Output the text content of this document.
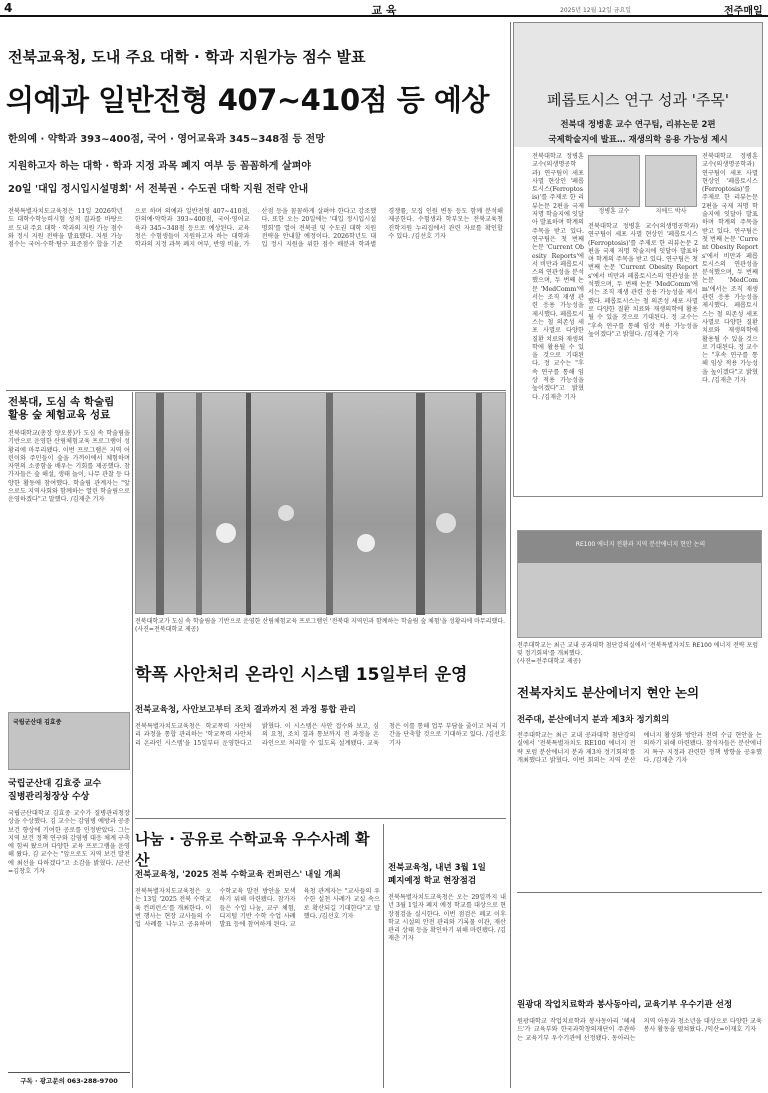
4	교 육	2025년 12월 12일 금요일	전주매일
전북교육청, 도내 주요 대학 · 학과 지원가능 점수 발표
의예과 일반전형 407~410점 등 예상
한의예 · 약학과 393~400점, 국어 · 영어교육과 345~348점 등 전망
지원하고자 하는 대학 · 학과 지정 과목 폐지 여부 등 꼼꼼하게 살펴야
20일 '대입 정시입시설명회' 서 전북권 · 수도권 대학 지원 전략 안내
전북특별자치도교육청은 11일 2026학년도 대학수학능력시험 성적 결과를 바탕으로 도내 주요 대학 · 학과의 지원 가능 점수와 정시 지원 전략을 발표했다. 지원 가능 점수는 국어·수학·탐구 표준점수 합을 기준으로 하며 의예과 일반전형 407~410점, 한의예·약학과 393~400점, 국어·영어교육과 345~348점 등으로 예상된다. 교육청은 수험생들이 지원하고자 하는 대학과 학과의 지정 과목 폐지 여부, 반영 비율, 가산점 등을 꼼꼼하게 살펴야 한다고 강조했다. 또한 오는 20일에는 '대입 정시입시설명회'를 열어 전북권 및 수도권 대학 지원 전략을 안내할 예정이다. 2026학년도 대입 정시 지원을 위한 점수 배분과 학과별 경쟁률, 모집 인원 변동 등도 함께 분석해 제공한다. 수험생과 학부모는 전북교육청 진학지원 누리집에서 관련 자료를 확인할 수 있다. /김선호 기자
페롭토시스 연구 성과 '주목'
전북대 정병훈 교수 연구팀, 리뷰논문 2편
국제학술지에 발표… 재생의학 응용 가능성 제시
전북대학교 정병훈 교수(의생명공학과) 연구팀이 세포 사멸 현상인 '페롭토시스(Ferroptosis)'를 주제로 한 리뷰논문 2편을 국제 저명 학술지에 잇달아 발표하며 학계의 주목을 받고 있다. 연구팀은 첫 번째 논문 'Current Obesity Reports'에서 비만과 페롭토시스의 연관성을 분석했으며, 두 번째 논문 'MedComm'에서는 조직 재생 관련 응용 가능성을 제시했다. 페롭토시스는 철 의존성 세포 사멸로 다양한 질환 치료와 재생의학에 활용될 수 있을 것으로 기대된다. 정 교수는 "후속 연구를 통해 임상 적용 가능성을 높이겠다"고 밝혔다. /김재춘 기자
정병훈 교수	지에드 박사
전북대학교 정병훈 교수(의생명공학과) 연구팀이 세포 사멸 현상인 '페롭토시스(Ferroptosis)'를 주제로 한 리뷰논문 2편을 국제 저명 학술지에 잇달아 발표하며 학계의 주목을 받고 있다. 연구팀은 첫 번째 논문 'Current Obesity Reports'에서 비만과 페롭토시스의 연관성을 분석했으며, 두 번째 논문 'MedComm'에서는 조직 재생 관련 응용 가능성을 제시했다. 페롭토시스는 철 의존성 세포 사멸로 다양한 질환 치료와 재생의학에 활용될 수 있을 것으로 기대된다. 정 교수는 "후속 연구를 통해 임상 적용 가능성을 높이겠다"고 밝혔다. /김재춘 기자
전북대학교 정병훈 교수(의생명공학과) 연구팀이 세포 사멸 현상인 '페롭토시스(Ferroptosis)'를 주제로 한 리뷰논문 2편을 국제 저명 학술지에 잇달아 발표하며 학계의 주목을 받고 있다. 연구팀은 첫 번째 논문 'Current Obesity Reports'에서 비만과 페롭토시스의 연관성을 분석했으며, 두 번째 논문 'MedComm'에서는 조직 재생 관련 응용 가능성을 제시했다. 페롭토시스는 철 의존성 세포 사멸로 다양한 질환 치료와 재생의학에 활용될 수 있을 것으로 기대된다. 정 교수는 "후속 연구를 통해 임상 적용 가능성을 높이겠다"고 밝혔다. /김재춘 기자
전북대, 도심 속 학술림
활용 숲 체험교육 성료
전북대학교(총장 양오봉)가 도심 속 학술림을 기반으로 운영한 산림체험교육 프로그램이 성황리에 마무리됐다. 이번 프로그램은 지역 어린이와 주민들이 숲을 가까이에서 체험하며 자연의 소중함을 배우는 기회를 제공했다. 참가자들은 숲 해설, 생태 놀이, 나무 관찰 등 다양한 활동에 참여했다. 학술림 관계자는 "앞으로도 지역사회와 함께하는 열린 학술림으로 운영하겠다"고 말했다. /김재춘 기자
전북대학교가 도심 속 학술림을 기반으로 운영한 산림체험교육 프로그램인 '전북대 지역민과 함께하는 학술림 숲 체험'을 성황리에 마무리했다. (사진=전북대학교 제공)
RE100 에너지 전환과 지역 분산에너지 현안 논의
전주대학교는 최근 교내 공과대학 첨단강의실에서 '전북특별자치도 RE100 에너지 전략 포럼 및 정기회의'를 개최했다.
(사진=전주대학교 제공)
학폭 사안처리 온라인 시스템 15일부터 운영
전북교육청, 사안보고부터 조치 결과까지 전 과정 통합 관리
전북특별자치도교육청은 학교폭력 사안처리 과정을 통합 관리하는 '학교폭력 사안처리 온라인 시스템'을 15일부터 운영한다고 밝혔다. 이 시스템은 사안 접수와 보고, 심의 요청, 조치 결과 통보까지 전 과정을 온라인으로 처리할 수 있도록 설계됐다. 교육청은 이를 통해 업무 부담을 줄이고 처리 기간을 단축할 것으로 기대하고 있다. /김선호 기자
국립군산대 김효중
국립군산대 김효중 교수
질병관리청장상 수상
국립군산대학교 김효중 교수가 질병관리청장상을 수상했다. 김 교수는 감염병 예방과 공중보건 향상에 기여한 공로를 인정받았다. 그는 지역 보건 정책 연구와 감염병 대응 체계 구축에 힘써 왔으며 다양한 교육 프로그램을 운영해 왔다. 김 교수는 "앞으로도 지역 보건 발전에 최선을 다하겠다"고 소감을 밝혔다. /군산=김창호 기자
구독 · 광고문의 063-288-9700
나눔 · 공유로 수학교육 우수사례 확산
전북교육청, '2025 전북 수학교육 컨퍼런스' 내일 개최
전북특별자치도교육청은 오는 13일 '2025 전북 수학교육 컨퍼런스'를 개최한다. 이번 행사는 현장 교사들의 수업 사례를 나누고 공유하며 수학교육 발전 방안을 모색하기 위해 마련됐다. 참가자들은 수업 나눔, 교구 체험, 디지털 기반 수학 수업 사례 발표 등에 참여하게 된다. 교육청 관계자는 "교사들의 우수한 실천 사례가 교실 속으로 확산되길 기대한다"고 말했다. /김선호 기자
전북교육청, 내년 3월 1일
폐지예정 학교 현장점검
전북특별자치도교육청은 오는 29일까지 내년 3월 1일자 폐지 예정 학교를 대상으로 현장점검을 실시한다. 이번 점검은 폐교 이후 학교 시설의 안전 관리와 기록물 이관, 재산 관리 상태 등을 확인하기 위해 마련됐다. /김재춘 기자
전북자치도 분산에너지 현안 논의
전주대, 분산에너지 분과 제3차 정기회의
전주대학교는 최근 교내 공과대학 첨단강의실에서 '전북특별자치도 RE100 에너지 전략 포럼 분산에너지 분과 제3차 정기회의'를 개최했다고 밝혔다. 이번 회의는 지역 분산에너지 활성화 방안과 전력 수급 현안을 논의하기 위해 마련됐다. 참석자들은 분산에너지 특구 지정과 관련한 정책 방향을 공유했다. /김재춘 기자
원광대 작업치료학과 봉사동아리, 교육기부 우수기관 선정
원광대학교 작업치료학과 봉사동아리 '헤세드'가 교육부와 한국과학창의재단이 주관하는 교육기부 우수기관에 선정됐다. 동아리는 지역 아동과 청소년을 대상으로 다양한 교육 봉사 활동을 펼쳐왔다. /익산=이재호 기자
